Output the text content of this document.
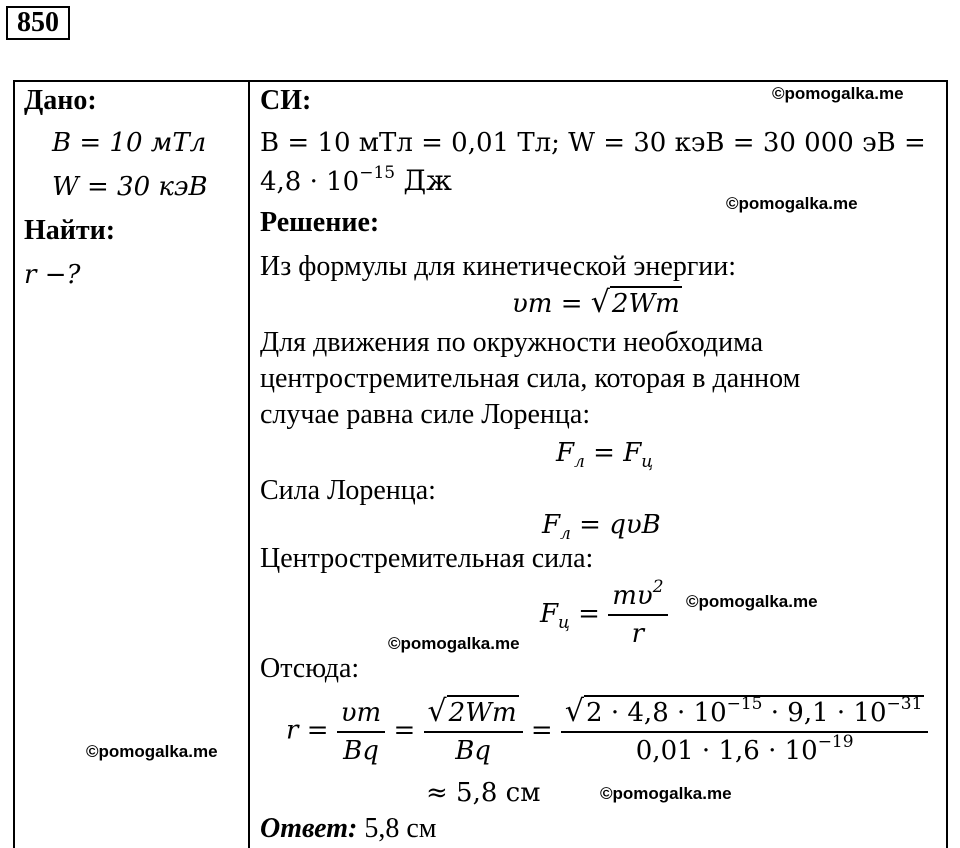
850
Дано:
B = 10 мТл
W = 30 кэВ
Найти:
r −?
СИ:
B = 10 мТл = 0,01 Тл; W = 30 кэВ = 30 000 эВ =
$4,8 \cdot 10^{-15}$ Дж
Решение:
Из формулы для кинетической энергии:
υm = √2Wm
Для движения по окружности необходима
центростремительная сила, которая в данном
случае равна силе Лоренца:
$F_л = F_ц$
Сила Лоренца:
$F_л = q\upsilon B$
Центростремительная сила:
$F_ц = \frac{m\upsilon^2}{r}$
Отсюда:
$r = \frac{\upsilon m}{Bq} = \frac{√2Wm}{Bq} = \frac{√2 \cdot 4,8 \cdot 10^{-15} \cdot 9,1 \cdot 10^{-31}}{0,01 \cdot 1,6 \cdot 10^{-19}}$
≈ 5,8 см
Ответ: 5,8 см
©pomogalka.me
©pomogalka.me
©pomogalka.me
©pomogalka.me
©pomogalka.me
©pomogalka.me
